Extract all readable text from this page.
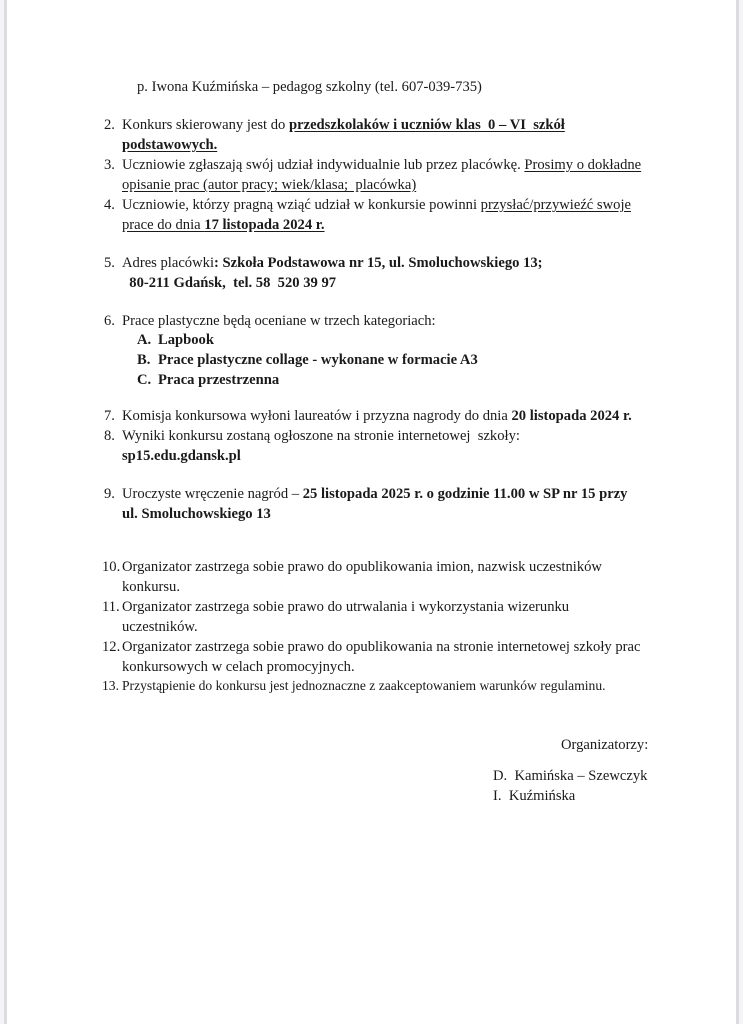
p. Iwona Kuźmińska – pedagog szkolny (tel. 607-039-735)
2. Konkurs skierowany jest do przedszkolaków i uczniów klas  0 – VI  szkół
podstawowych.
3. Uczniowie zgłaszają swój udział indywidualnie lub przez placówkę. Prosimy o dokładne
opisanie prac (autor pracy; wiek/klasa;  placówka)
4. Uczniowie, którzy pragną wziąć udział w konkursie powinni przysłać/przywieźć swoje
prace do dnia 17 listopada 2024 r.
5. Adres placówki: Szkoła Podstawowa nr 15, ul. Smoluchowskiego 13;
80-211 Gdańsk,  tel. 58  520 39 97
6. Prace plastyczne będą oceniane w trzech kategoriach:
7. Komisja konkursowa wyłoni laureatów i przyzna nagrody do dnia 20 listopada 2024 r.
8. Wyniki konkursu zostaną ogłoszone na stronie internetowej  szkoły:
sp15.edu.gdansk.pl
9. Uroczyste wręczenie nagród – 25 listopada 2025 r. o godzinie 11.00 w SP nr 15 przy
ul. Smoluchowskiego 13
10. Organizator zastrzega sobie prawo do opublikowania imion, nazwisk uczestników
konkursu.
11. Organizator zastrzega sobie prawo do utrwalania i wykorzystania wizerunku
uczestników.
12. Organizator zastrzega sobie prawo do opublikowania na stronie internetowej szkoły prac
konkursowych w celach promocyjnych.
13. Przystąpienie do konkursu jest jednoznaczne z zaakceptowaniem warunków regulaminu.
A. Lapbook
B. Prace plastyczne collage - wykonane w formacie A3
C. Praca przestrzenna
Organizatorzy:
D. Kamińska – Szewczyk
I. Kuźmińska
